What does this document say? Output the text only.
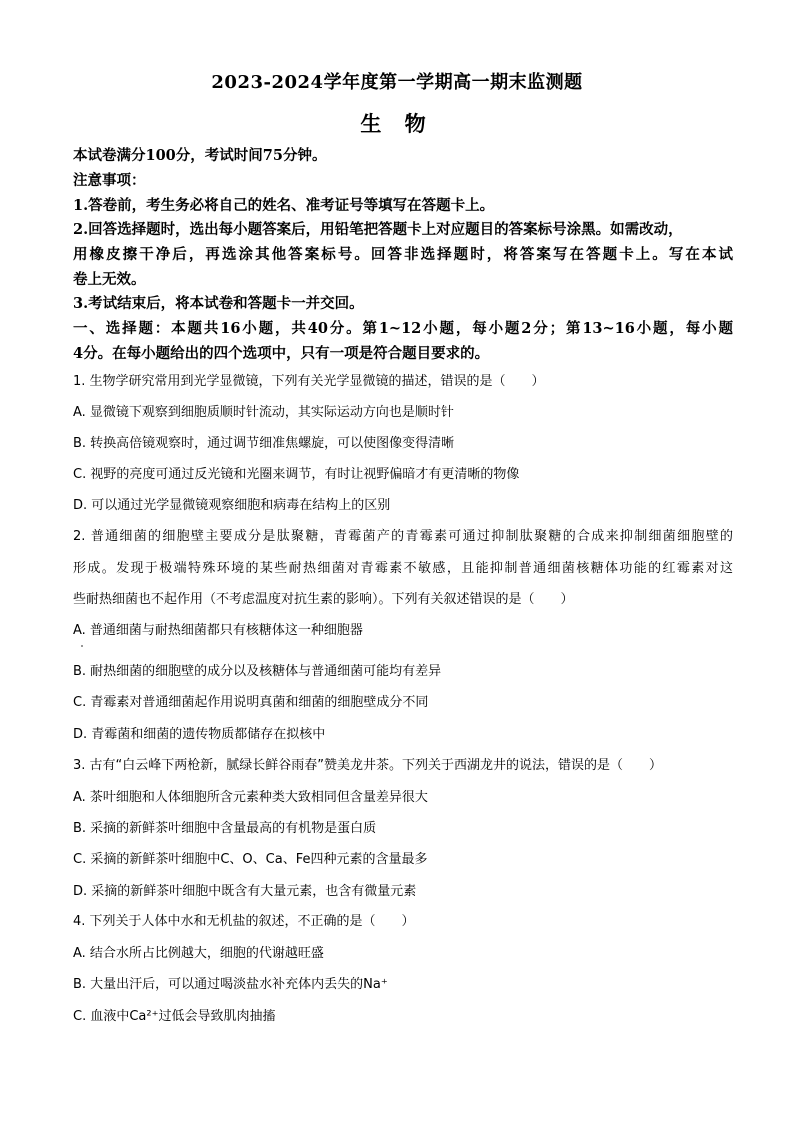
2023-2024学年度第一学期高一期末监测题
生 物
本试卷满分100分，考试时间75分钟。
注意事项：
1.答卷前，考生务必将自己的姓名、准考证号等填写在答题卡上。
2.回答选择题时，选出每小题答案后，用铅笔把答题卡上对应题目的答案标号涂黑。如需改动，
用橡皮擦干净后，再选涂其他答案标号。回答非选择题时，将答案写在答题卡上。写在本试
卷上无效。
3.考试结束后，将本试卷和答题卡一并交回。
一、选择题：本题共16小题，共40分。第1~12小题，每小题2分；第13~16小题，每小题
4分。在每小题给出的四个选项中，只有一项是符合题目要求的。
1. 生物学研究常用到光学显微镜，下列有关光学显微镜的描述，错误的是（　　）
A. 显微镜下观察到细胞质顺时针流动，其实际运动方向也是顺时针
B. 转换高倍镜观察时，通过调节细准焦螺旋，可以使图像变得清晰
C. 视野的亮度可通过反光镜和光圈来调节，有时让视野偏暗才有更清晰的物像
D. 可以通过光学显微镜观察细胞和病毒在结构上的区别
2. 普通细菌的细胞壁主要成分是肽聚糖，青霉菌产的青霉素可通过抑制肽聚糖的合成来抑制细菌细胞壁的
形成。发现于极端特殊环境的某些耐热细菌对青霉素不敏感，且能抑制普通细菌核糖体功能的红霉素对这
些耐热细菌也不起作用（不考虑温度对抗生素的影响）。下列有关叙述错误的是（　　）
A. 普通细菌与耐热细菌都只有核糖体这一种细胞器
B. 耐热细菌的细胞壁的成分以及核糖体与普通细菌可能均有差异
C. 青霉素对普通细菌起作用说明真菌和细菌的细胞壁成分不同
D. 青霉菌和细菌的遗传物质都储存在拟核中
3. 古有“白云峰下两枪新，腻绿长鲜谷雨春”赞美龙井茶。下列关于西湖龙井的说法，错误的是（　　）
A. 茶叶细胞和人体细胞所含元素种类大致相同但含量差异很大
B. 采摘的新鲜茶叶细胞中含量最高的有机物是蛋白质
C. 采摘的新鲜茶叶细胞中C、O、Ca、Fe四种元素的含量最多
D. 采摘的新鲜茶叶细胞中既含有大量元素，也含有微量元素
4. 下列关于人体中水和无机盐的叙述，不正确的是（　　）
A. 结合水所占比例越大，细胞的代谢越旺盛
B. 大量出汗后，可以通过喝淡盐水补充体内丢失的Na⁺
C. 血液中Ca²⁺过低会导致肌肉抽搐
